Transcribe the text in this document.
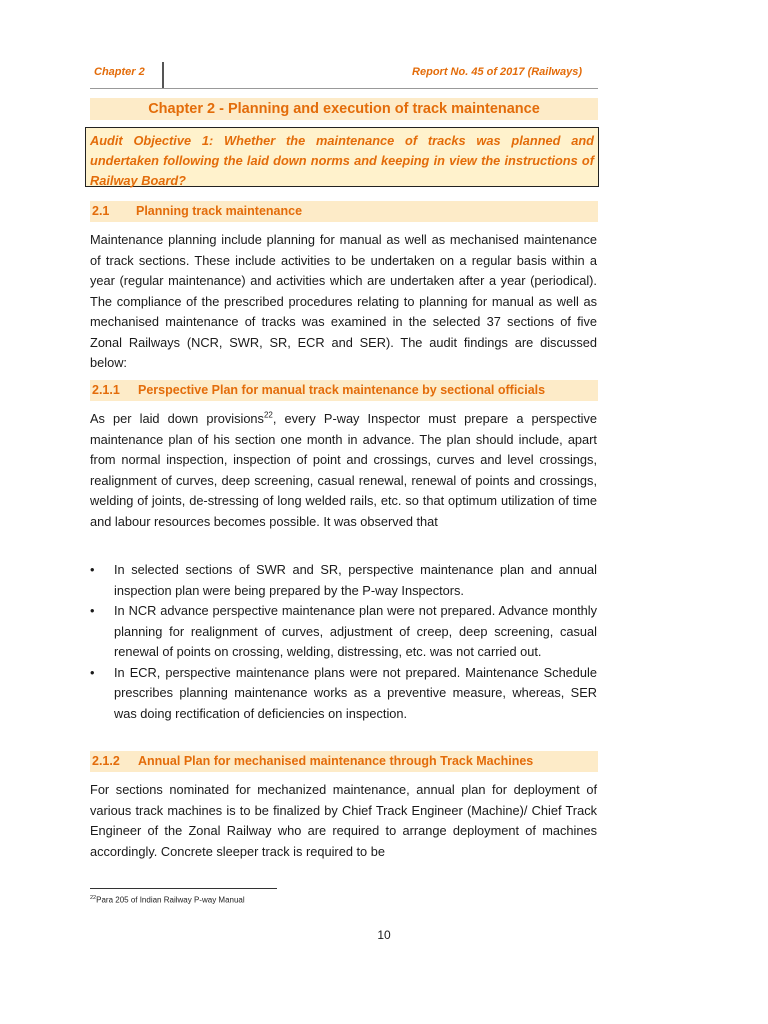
Chapter 2	Report No. 45 of 2017 (Railways)
Chapter 2 - Planning and execution of track maintenance
Audit Objective 1: Whether the maintenance of tracks was planned and undertaken following the laid down norms and keeping in view the instructions of Railway Board?
2.1 Planning track maintenance
Maintenance planning include planning for manual as well as mechanised maintenance of track sections. These include activities to be undertaken on a regular basis within a year (regular maintenance) and activities which are undertaken after a year (periodical). The compliance of the prescribed procedures relating to planning for manual as well as mechanised maintenance of tracks was examined in the selected 37 sections of five Zonal Railways (NCR, SWR, SR, ECR and SER). The audit findings are discussed below:
2.1.1 Perspective Plan for manual track maintenance by sectional officials
As per laid down provisions$^{22}$, every P-way Inspector must prepare a perspective maintenance plan of his section one month in advance. The plan should include, apart from normal inspection, inspection of point and crossings, curves and level crossings, realignment of curves, deep screening, casual renewal, renewal of points and crossings, welding of joints, de-stressing of long welded rails, etc. so that optimum utilization of time and labour resources becomes possible. It was observed that
• In selected sections of SWR and SR, perspective maintenance plan and annual inspection plan were being prepared by the P-way Inspectors.
• In NCR advance perspective maintenance plan were not prepared. Advance monthly planning for realignment of curves, adjustment of creep, deep screening, casual renewal of points on crossing, welding, distressing, etc. was not carried out.
• In ECR, perspective maintenance plans were not prepared. Maintenance Schedule prescribes planning maintenance works as a preventive measure, whereas, SER was doing rectification of deficiencies on inspection.
2.1.2 Annual Plan for mechanised maintenance through Track Machines
For sections nominated for mechanized maintenance, annual plan for deployment of various track machines is to be finalized by Chief Track Engineer (Machine)/ Chief Track Engineer of the Zonal Railway who are required to arrange deployment of machines accordingly. Concrete sleeper track is required to be
$^{22}$Para 205 of Indian Railway P-way Manual
10
